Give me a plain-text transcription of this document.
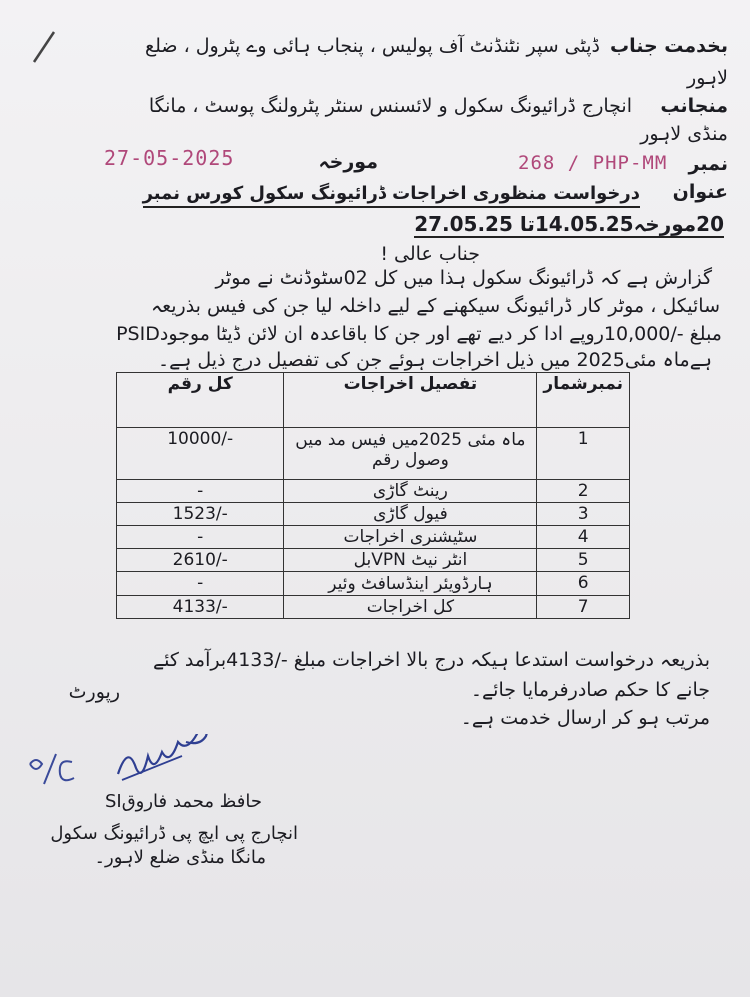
بخدمت جناب
ڈپٹی سپر نٹنڈنٹ آف پولیس ، پنجاب ہائی وے پٹرول ، ضلع
لاہور
منجانب
انچارج ڈرائیونگ سکول و لائسنس سنٹر پٹرولنگ پوسٹ ، مانگا
منڈی لاہور
نمبر
268 / PHP-MM
مورخہ
27-05-2025
عنوان
درخواست منظوری اخراجات ڈرائیونگ سکول کورس نمبر
20مورخہ14.05.25تا 27.05.25
جناب عالی !
گزارش ہے کہ ڈرائیونگ سکول ہذا میں کل 02سٹوڈنٹ نے موٹر
سائیکل ، موٹر کار ڈرائیونگ سیکھنے کے لیے داخلہ لیا جن کی فیس بذریعہ
PSIDمبلغ -/10,000روپے ادا کر دیے تھے اور جن کا باقاعدہ ان لائن ڈیٹا موجود
ہےماہ مئی2025 میں ذیل اخراجات ہوئے جن کی تفصیل درج ذیل ہے۔
نمبرشمار	تفصیل اخراجات	کل رقم
1	ماہ مئی 2025میں فیس مد میں وصول رقم	10000/-
2	رینٹ گاڑی	-
3	فیول گاڑی	1523/-
4	سٹیشنری اخراجات	-
5	انٹر نیٹ VPNبل	2610/-
6	ہارڈویئر اینڈسافٹ وئیر	-
7	کل اخراجات	4133/-
بذریعہ درخواست استدعا ہیکہ درج بالا اخراجات مبلغ -/4133برآمد کئے
جانے کا حکم صادرفرمایا جائے۔
رپورٹ
مرتب ہو کر ارسال خدمت ہے۔
SIحافظ محمد فاروق
انچارج پی ایچ پی ڈرائیونگ سکول
مانگا منڈی ضلع لاہور۔
